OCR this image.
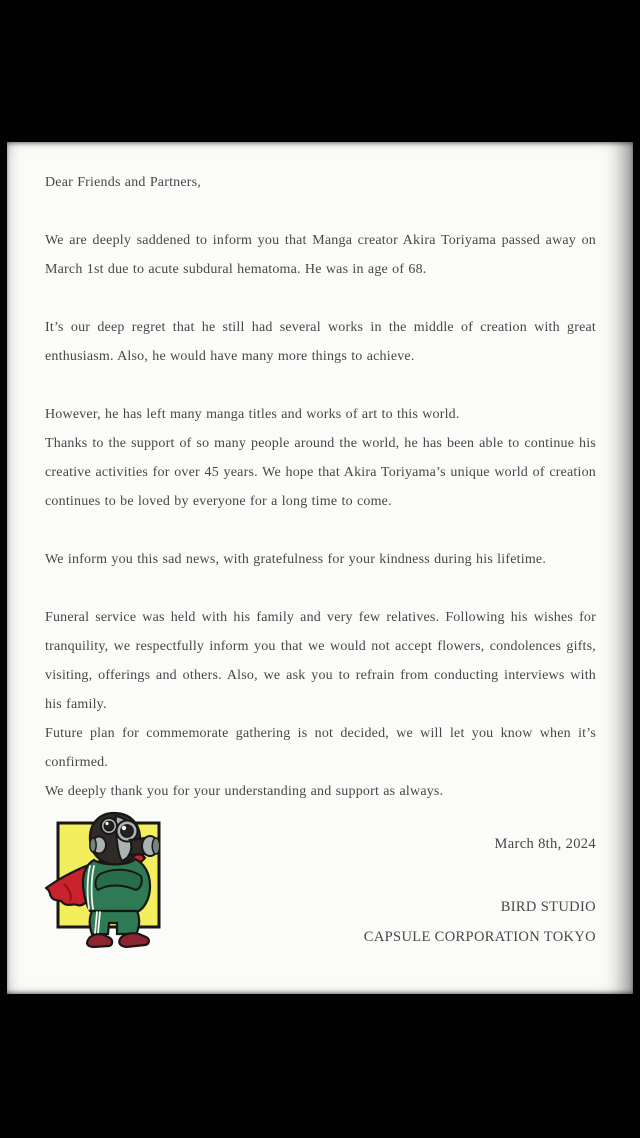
Dear Friends and Partners,
We are deeply saddened to inform you that Manga creator Akira Toriyama passed away on March 1st due to acute subdural hematoma. He was in age of 68.
It’s our deep regret that he still had several works in the middle of creation with great enthusiasm. Also, he would have many more things to achieve.
However, he has left many manga titles and works of art to this world.
Thanks to the support of so many people around the world, he has been able to continue his creative activities for over 45 years. We hope that Akira Toriyama’s unique world of creation continues to be loved by everyone for a long time to come.
We inform you this sad news, with gratefulness for your kindness during his lifetime.
Funeral service was held with his family and very few relatives. Following his wishes for tranquility, we respectfully inform you that we would not accept flowers, condolences gifts, visiting, offerings and others. Also, we ask you to refrain from conducting interviews with his family.
Future plan for commemorate gathering is not decided, we will let you know when it’s confirmed.
We deeply thank you for your understanding and support as always.
March 8th, 2024
BIRD STUDIO
CAPSULE CORPORATION TOKYO
